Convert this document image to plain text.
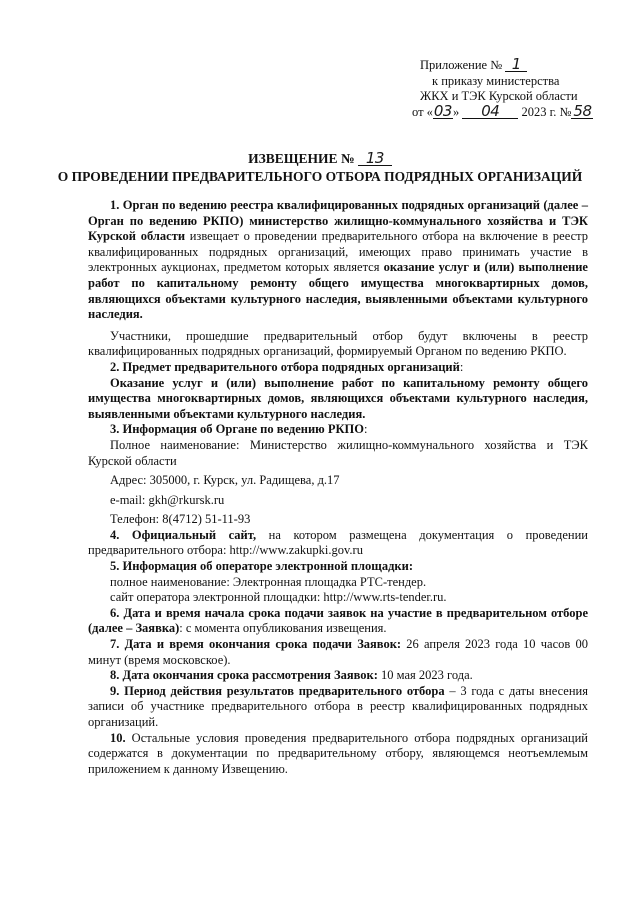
Приложение № 1
к приказу министерства
ЖКХ и ТЭК Курской области
от «03» 04 2023 г. № 58
ИЗВЕЩЕНИЕ № 13
О ПРОВЕДЕНИИ ПРЕДВАРИТЕЛЬНОГО ОТБОРА ПОДРЯДНЫХ ОРГАНИЗАЦИЙ

1. Орган по ведению реестра квалифицированных подрядных организаций (далее – Орган по ведению РКПО) министерство жилищно-коммунального хозяйства и ТЭК Курской области извещает о проведении предварительного отбора на включение в реестр квалифицированных подрядных организаций, имеющих право принимать участие в электронных аукционах, предметом которых является оказание услуг и (или) выполнение работ по капитальному ремонту общего имущества многоквартирных домов, являющихся объектами культурного наследия, выявленными объектами культурного наследия.

Участники, прошедшие предварительный отбор будут включены в реестр квалифицированных подрядных организаций, формируемый Органом по ведению РКПО.

2. Предмет предварительного отбора подрядных организаций:

Оказание услуг и (или) выполнение работ по капитальному ремонту общего имущества многоквартирных домов, являющихся объектами культурного наследия, выявленными объектами культурного наследия.

3. Информация об Органе по ведению РКПО:

Полное наименование: Министерство жилищно-коммунального хозяйства и ТЭК Курской области

Адрес: 305000, г. Курск, ул. Радищева, д.17

e-mail: gkh@rkursk.ru

Телефон: 8(4712) 51-11-93

4. Официальный сайт, на котором размещена документация о проведении предварительного отбора: http://www.zakupki.gov.ru

5. Информация об операторе электронной площадки:

полное наименование: Электронная площадка РТС-тендер.

сайт оператора электронной площадки: http://www.rts-tender.ru.

6. Дата и время начала срока подачи заявок на участие в предварительном отборе (далее – Заявка): с момента опубликования извещения.

7. Дата и время окончания срока подачи Заявок: 26 апреля 2023 года 10 часов 00 минут (время московское).

8. Дата окончания срока рассмотрения Заявок: 10 мая 2023 года.

9. Период действия результатов предварительного отбора – 3 года с даты внесения записи об участнике предварительного отбора в реестр квалифицированных подрядных организаций.

10. Остальные условия проведения предварительного отбора подрядных организаций содержатся в документации по предварительному отбору, являющемся неотъемлемым приложением к данному Извещению.
